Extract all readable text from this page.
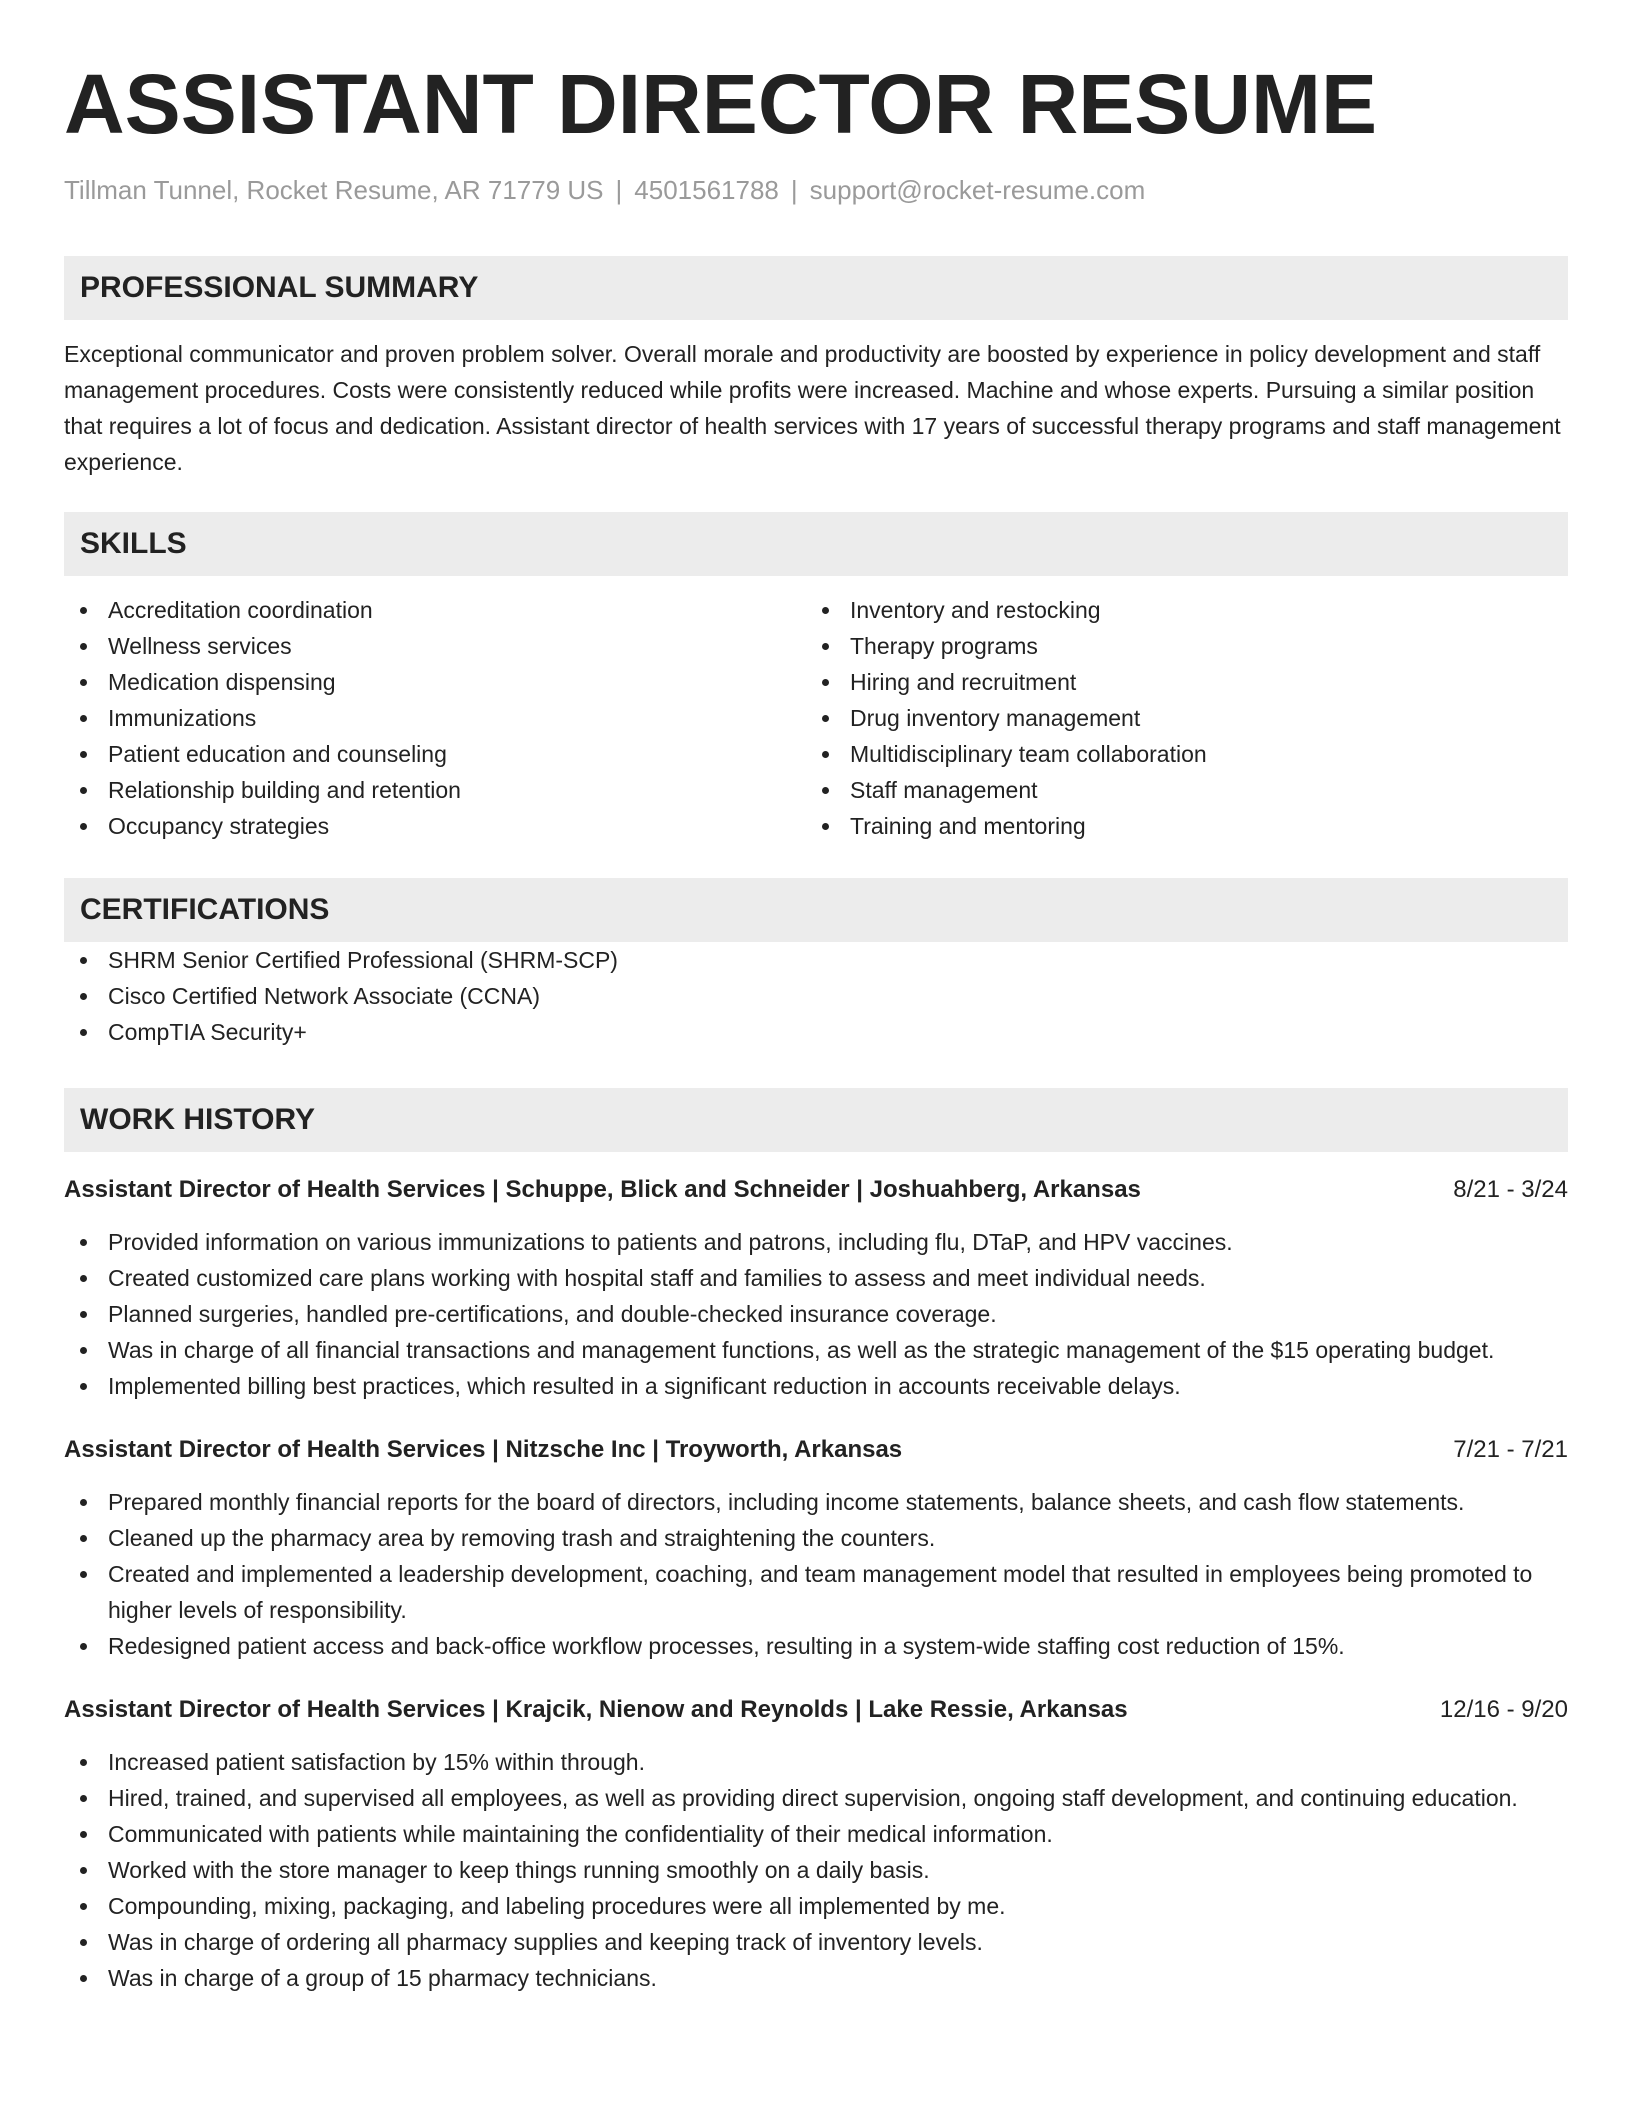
ASSISTANT DIRECTOR RESUME
Tillman Tunnel, Rocket Resume, AR 71779 US | 4501561788 | support@rocket-resume.com
PROFESSIONAL SUMMARY
Exceptional communicator and proven problem solver. Overall morale and productivity are boosted by experience in policy development and staff management procedures. Costs were consistently reduced while profits were increased. Machine and whose experts. Pursuing a similar position that requires a lot of focus and dedication. Assistant director of health services with 17 years of successful therapy programs and staff management experience.
SKILLS
Accreditation coordination
Wellness services
Medication dispensing
Immunizations
Patient education and counseling
Relationship building and retention
Occupancy strategies
Inventory and restocking
Therapy programs
Hiring and recruitment
Drug inventory management
Multidisciplinary team collaboration
Staff management
Training and mentoring
CERTIFICATIONS
SHRM Senior Certified Professional (SHRM-SCP)
Cisco Certified Network Associate (CCNA)
CompTIA Security+
WORK HISTORY
Assistant Director of Health Services | Schuppe, Blick and Schneider | Joshuahberg, Arkansas	8/21 - 3/24
Provided information on various immunizations to patients and patrons, including flu, DTaP, and HPV vaccines.
Created customized care plans working with hospital staff and families to assess and meet individual needs.
Planned surgeries, handled pre-certifications, and double-checked insurance coverage.
Was in charge of all financial transactions and management functions, as well as the strategic management of the $15 operating budget.
Implemented billing best practices, which resulted in a significant reduction in accounts receivable delays.
Assistant Director of Health Services | Nitzsche Inc | Troyworth, Arkansas	7/21 - 7/21
Prepared monthly financial reports for the board of directors, including income statements, balance sheets, and cash flow statements.
Cleaned up the pharmacy area by removing trash and straightening the counters.
Created and implemented a leadership development, coaching, and team management model that resulted in employees being promoted to higher levels of responsibility.
Redesigned patient access and back-office workflow processes, resulting in a system-wide staffing cost reduction of 15%.
Assistant Director of Health Services | Krajcik, Nienow and Reynolds | Lake Ressie, Arkansas	12/16 - 9/20
Increased patient satisfaction by 15% within through.
Hired, trained, and supervised all employees, as well as providing direct supervision, ongoing staff development, and continuing education.
Communicated with patients while maintaining the confidentiality of their medical information.
Worked with the store manager to keep things running smoothly on a daily basis.
Compounding, mixing, packaging, and labeling procedures were all implemented by me.
Was in charge of ordering all pharmacy supplies and keeping track of inventory levels.
Was in charge of a group of 15 pharmacy technicians.
